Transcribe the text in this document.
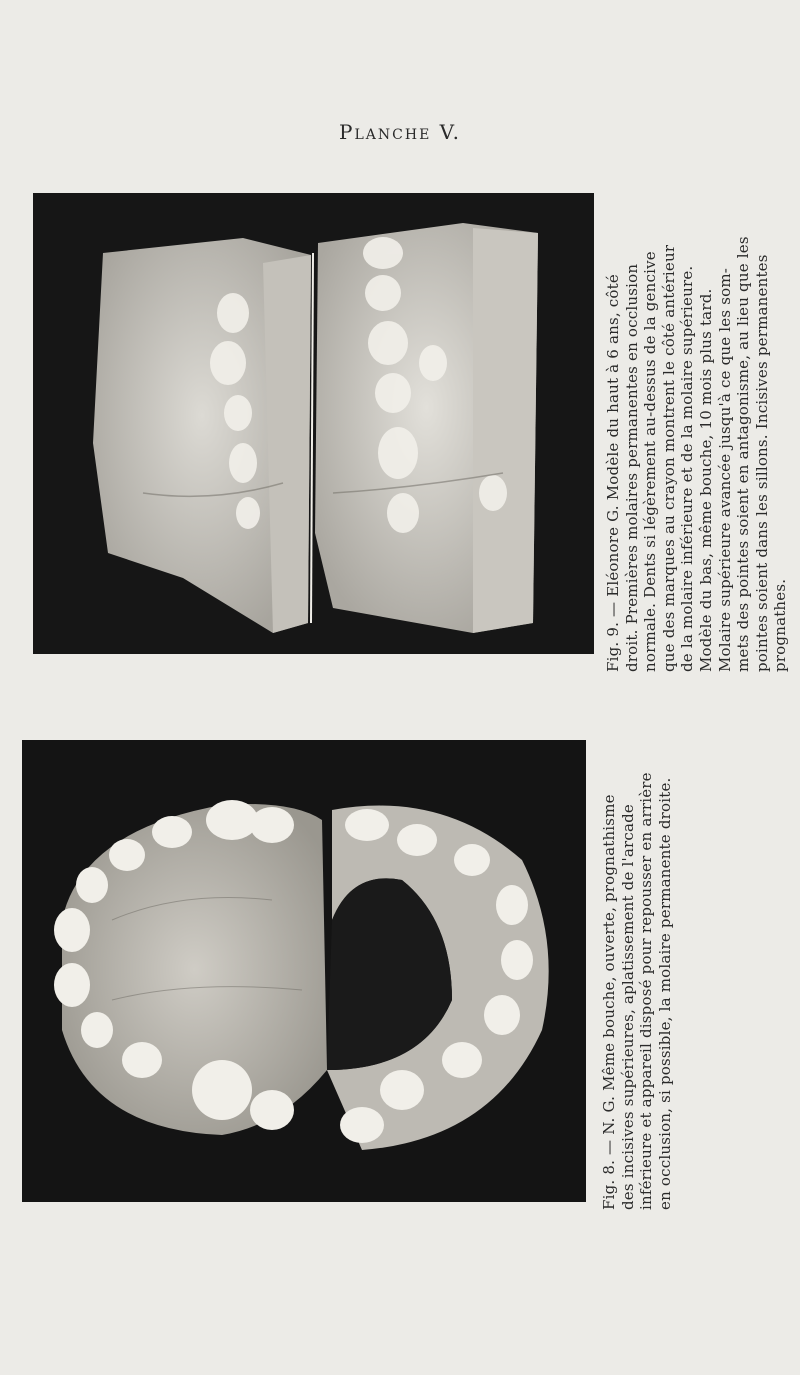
Planche V.

Fig. 9. — Eléonore G. Modèle du haut à 6 ans, côté droit. Premières molaires permanentes en occlusion normale. Dents si légèrement au-dessus de la gencive que des marques au crayon montrent le côté antérieur de la molaire inférieure et de la molaire supérieure. Modèle du bas, même bouche, 10 mois plus tard. Molaire supérieure avancée jusqu'à ce que les som- mets des pointes soient en antagonisme, au lieu que les pointes soient dans les sillons. Incisives permanentes prognathes.

Fig. 8. — N. G. Même bouche, ouverte, prognathisme des incisives supérieures, aplatissement de l'arcade inférieure et appareil disposé pour repousser en arrière en occlusion, si possible, la molaire permanente droite.
